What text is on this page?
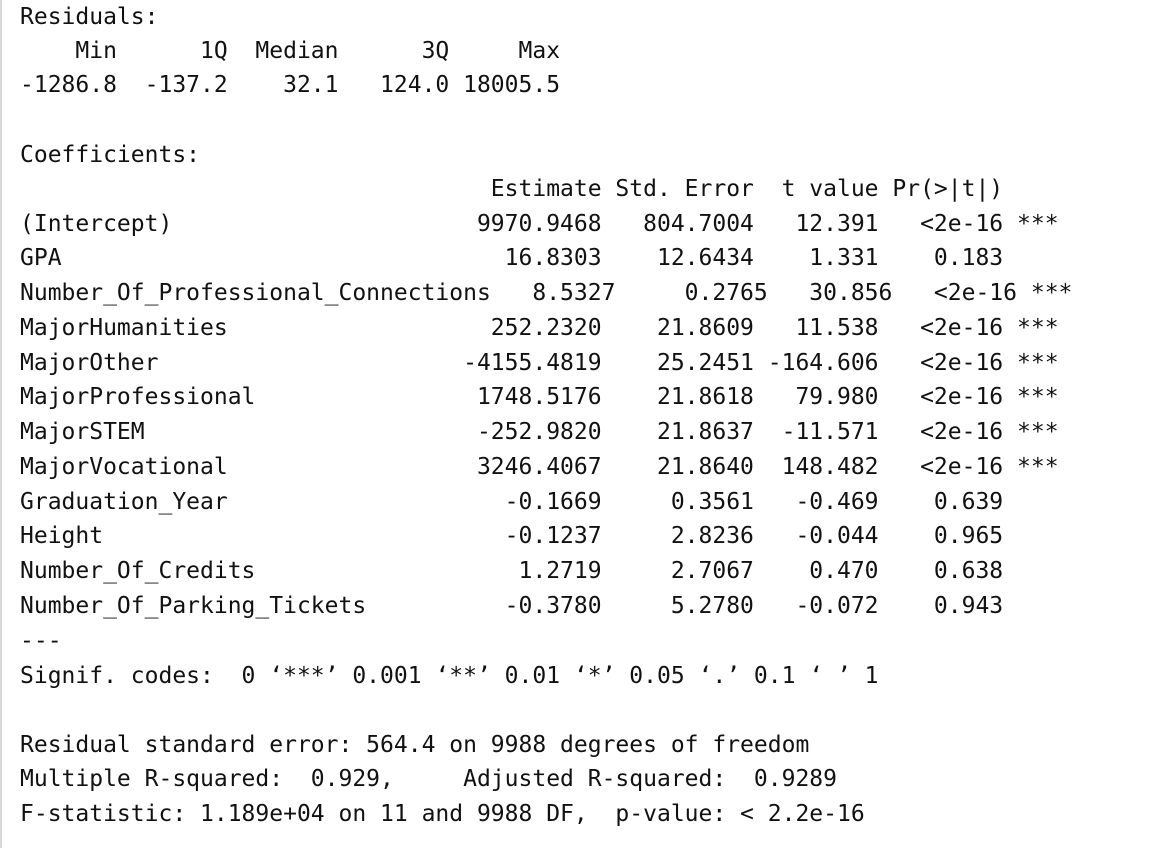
Residuals:
Min      1Q  Median      3Q     Max
-1286.8  -137.2    32.1   124.0 18005.5
Coefficients:
Estimate Std. Error  t value Pr(>|t|)
(Intercept)                      9970.9468   804.7004   12.391   <2e-16 ***
GPA                                16.8303    12.6434    1.331    0.183
Number_Of_Professional_Connections   8.5327     0.2765   30.856   <2e-16 ***
MajorHumanities                   252.2320    21.8609   11.538   <2e-16 ***
MajorOther                      -4155.4819    25.2451 -164.606   <2e-16 ***
MajorProfessional                1748.5176    21.8618   79.980   <2e-16 ***
MajorSTEM                        -252.9820    21.8637  -11.571   <2e-16 ***
MajorVocational                  3246.4067    21.8640  148.482   <2e-16 ***
Graduation_Year                    -0.1669     0.3561   -0.469    0.639
Height                             -0.1237     2.8236   -0.044    0.965
Number_Of_Credits                   1.2719     2.7067    0.470    0.638
Number_Of_Parking_Tickets          -0.3780     5.2780   -0.072    0.943
---
Signif. codes:  0 ‘***’ 0.001 ‘**’ 0.01 ‘*’ 0.05 ‘.’ 0.1 ‘ ’ 1
Residual standard error: 564.4 on 9988 degrees of freedom
Multiple R-squared:  0.929,	Adjusted R-squared:  0.9289
F-statistic: 1.189e+04 on 11 and 9988 DF,  p-value: < 2.2e-16
